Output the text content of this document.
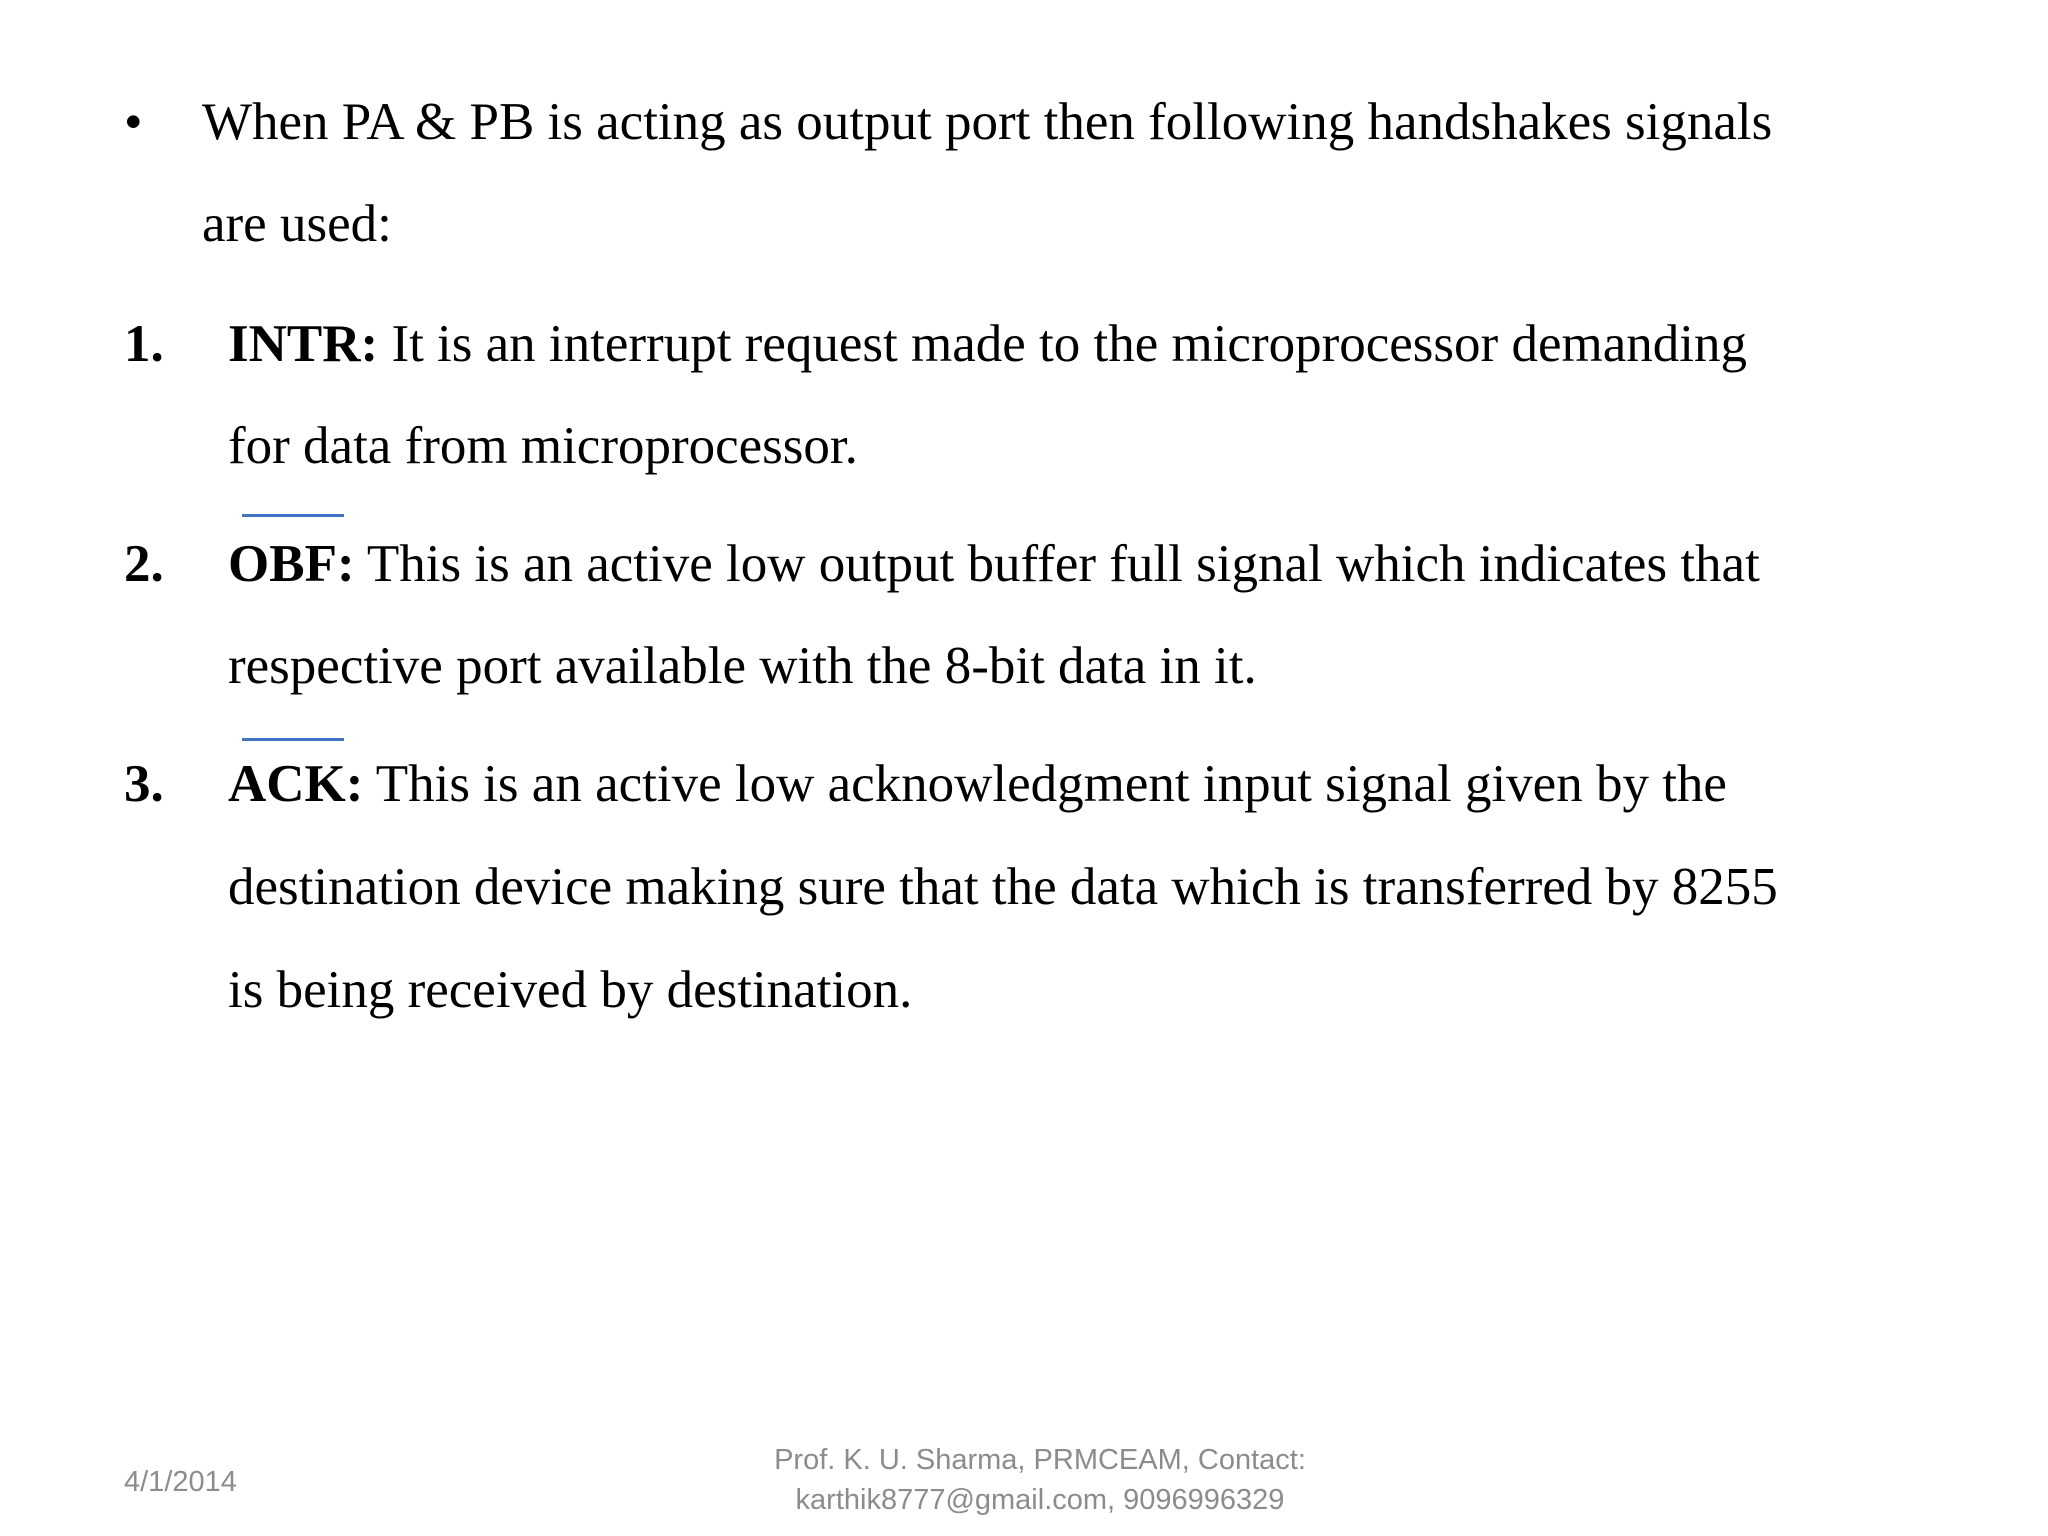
• When PA & PB is acting as output port then following handshakes signals
are used:
1. INTR: It is an interrupt request made to the microprocessor demanding
for data from microprocessor.
2. OBF: This is an active low output buffer full signal which indicates that
respective port available with the 8-bit data in it.
3. ACK: This is an active low acknowledgment input signal given by the
destination device making sure that the data which is transferred by 8255
is being received by destination.
4/1/2014
Prof. K. U. Sharma, PRMCEAM, Contact:
karthik8777@gmail.com, 9096996329
